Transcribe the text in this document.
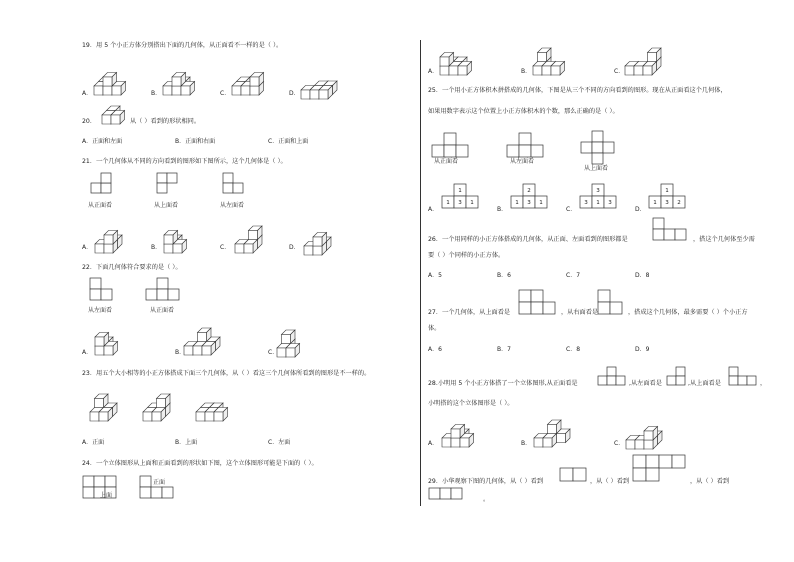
19．用 5 个小正方体分别搭出下面的几何体，从正面看不一样的是（ ）。
A．	B．	C．	D．
20．	从（ ）看到的形状相同。
A．正面和左面	B．正面和右面	C．正面和上面
21．一个几何体从不同的方向看到的图形如下图所示，这个几何体是（ ）。
从正面看	从上面看	从左面看
A．	B．	C．	D．
22．下面几何体符合要求的是（ ）。
从左面看	从正面看
A．	B．	C．
23．用五个大小相等的小正方体搭成下面三个几何体，从（ ）看这三个几何体所看到的图形是不一样的。
A．正面	B．上面	C．左面
24．一个立体图形从上面和正面看到的形状如下图，这个立体图形可能是下面的（ ）。
上面
正面
A．	B．	C．
25．一个用小正方体积木拼搭成的几何体，下图是从三个不同的方向看到的图形。现在从正面看这个几何体，
如果用数字表示这个位置上小正方体积木的个数，那么正确的是（ ）。
从正面看	从左面看
从上面看
A．
1
1 3 1
B．
2
1 3 1
C．
3
3 1 3
D．
1
1 3 2
26．一个用同样的小正方体搭成的几何体，从正面、左面看到的图形都是	，搭这个几何体至少需
要（ ）个同样的小正方体。
A．5	B．6	C．7	D．8
27．一个几何体，从上面看是	，从右面看是	，搭成这个几何体，最多需要（ ）个小正方
体。
A．6	B．7	C．8	D．9
28.小明用 5 个小正方体搭了一个立体图形,从正面看是	,从左面看是	,从上面看是	，
小明搭的这个立体图形是（ ）。
A．	B．	C．
29．小华观察下图的几何体，从（ ）看到	，从（ ）看到	，从（ ）看到
。
